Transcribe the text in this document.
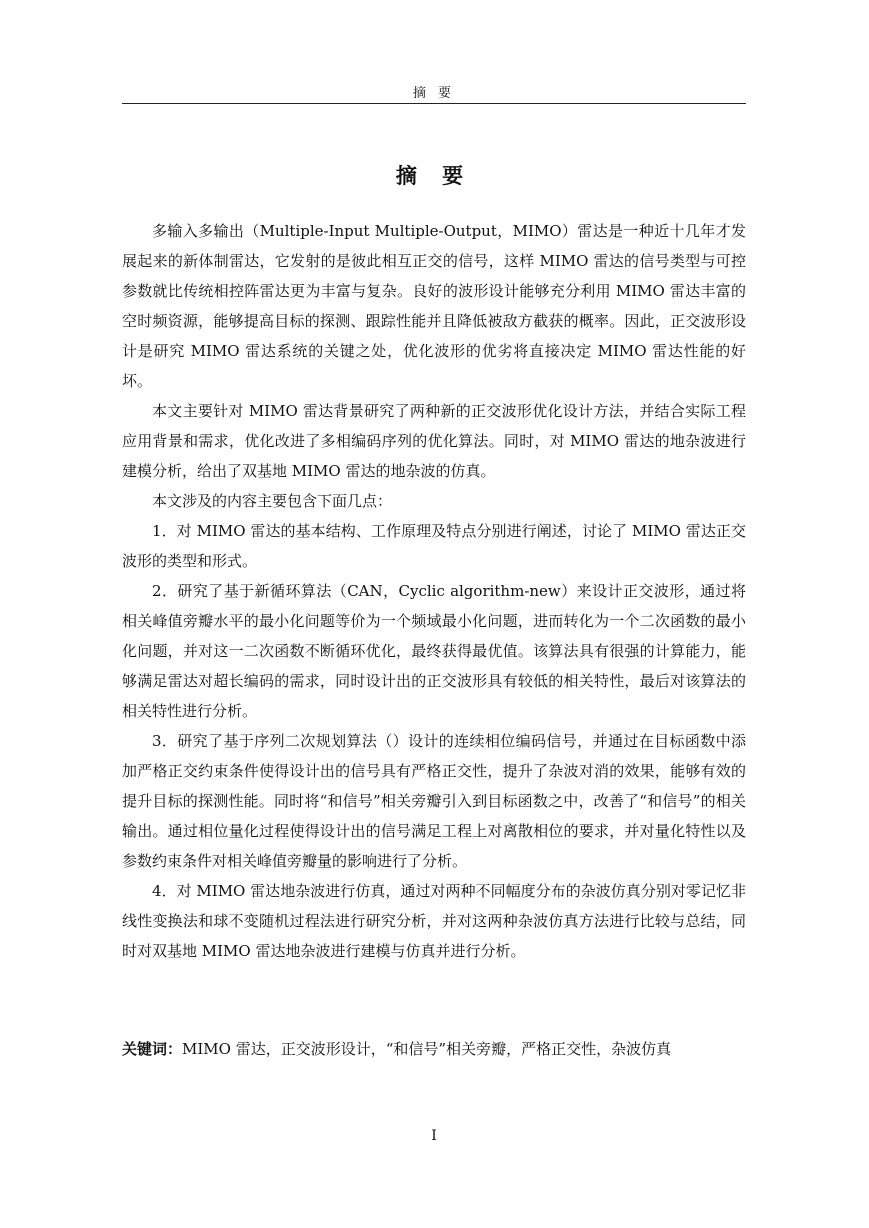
摘 要
摘 要

多输入多输出（Multiple-Input Multiple-Output，MIMO）雷达是一种近十几年才发展起来的新体制雷达，它发射的是彼此相互正交的信号，这样 MIMO 雷达的信号类型与可控参数就比传统相控阵雷达更为丰富与复杂。良好的波形设计能够充分利用 MIMO 雷达丰富的空时频资源，能够提高目标的探测、跟踪性能并且降低被敌方截获的概率。因此，正交波形设计是研究 MIMO 雷达系统的关键之处，优化波形的优劣将直接决定 MIMO 雷达性能的好坏。

本文主要针对 MIMO 雷达背景研究了两种新的正交波形优化设计方法，并结合实际工程应用背景和需求，优化改进了多相编码序列的优化算法。同时，对 MIMO 雷达的地杂波进行建模分析，给出了双基地 MIMO 雷达的地杂波的仿真。

本文涉及的内容主要包含下面几点：

1．对 MIMO 雷达的基本结构、工作原理及特点分别进行阐述，讨论了 MIMO 雷达正交波形的类型和形式。

2．研究了基于新循环算法（CAN，Cyclic algorithm-new）来设计正交波形，通过将相关峰值旁瓣水平的最小化问题等价为一个频域最小化问题，进而转化为一个二次函数的最小化问题，并对这一二次函数不断循环优化，最终获得最优值。该算法具有很强的计算能力，能够满足雷达对超长编码的需求，同时设计出的正交波形具有较低的相关特性，最后对该算法的相关特性进行分析。

3．研究了基于序列二次规划算法（）设计的连续相位编码信号，并通过在目标函数中添加严格正交约束条件使得设计出的信号具有严格正交性，提升了杂波对消的效果，能够有效的提升目标的探测性能。同时将“和信号”相关旁瓣引入到目标函数之中，改善了“和信号”的相关输出。通过相位量化过程使得设计出的信号满足工程上对离散相位的要求，并对量化特性以及参数约束条件对相关峰值旁瓣量的影响进行了分析。

4．对 MIMO 雷达地杂波进行仿真，通过对两种不同幅度分布的杂波仿真分别对零记忆非线性变换法和球不变随机过程法进行研究分析，并对这两种杂波仿真方法进行比较与总结，同时对双基地 MIMO 雷达地杂波进行建模与仿真并进行分析。

关键词：MIMO 雷达，正交波形设计，“和信号”相关旁瓣，严格正交性，杂波仿真
I
